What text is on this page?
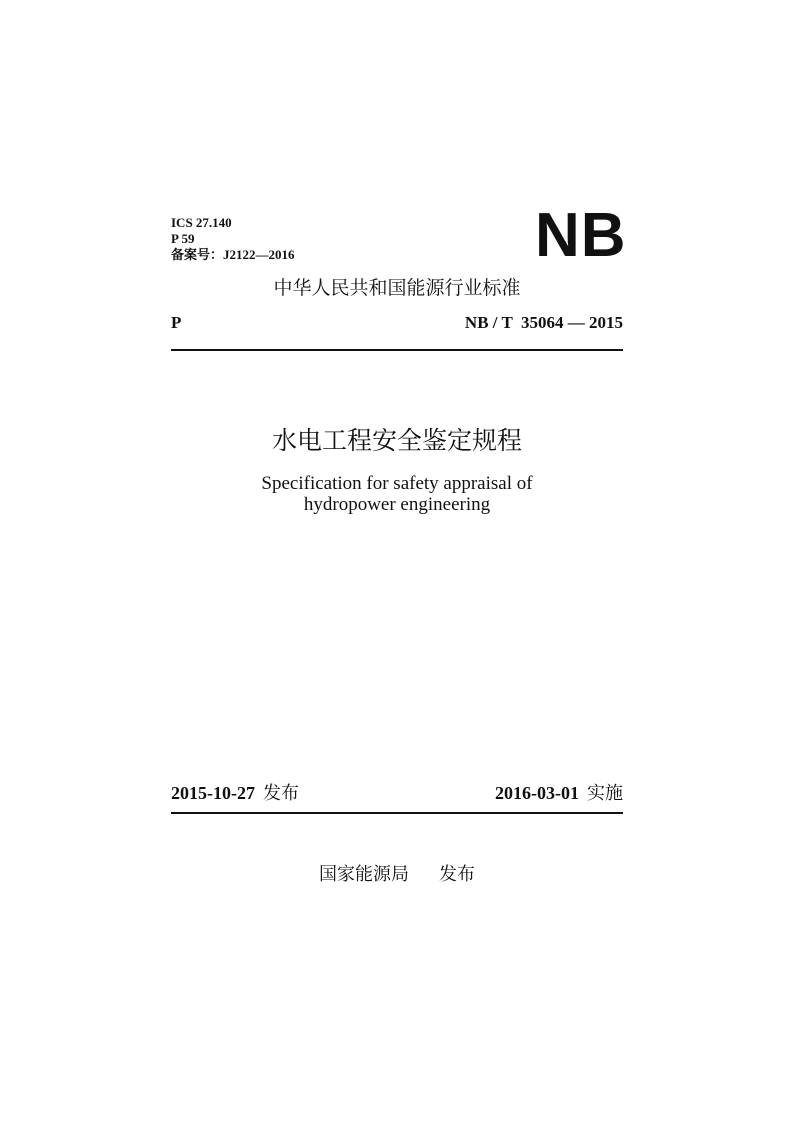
ICS 27.140
P 59
备案号：J2122—2016	NB
中华人民共和国能源行业标准
P	NB / T  35064 — 2015
水电工程安全鉴定规程
Specification for safety appraisal of
hydropower engineering
2015-10-27 发布	2016-03-01 实施
国家能源局 发布
